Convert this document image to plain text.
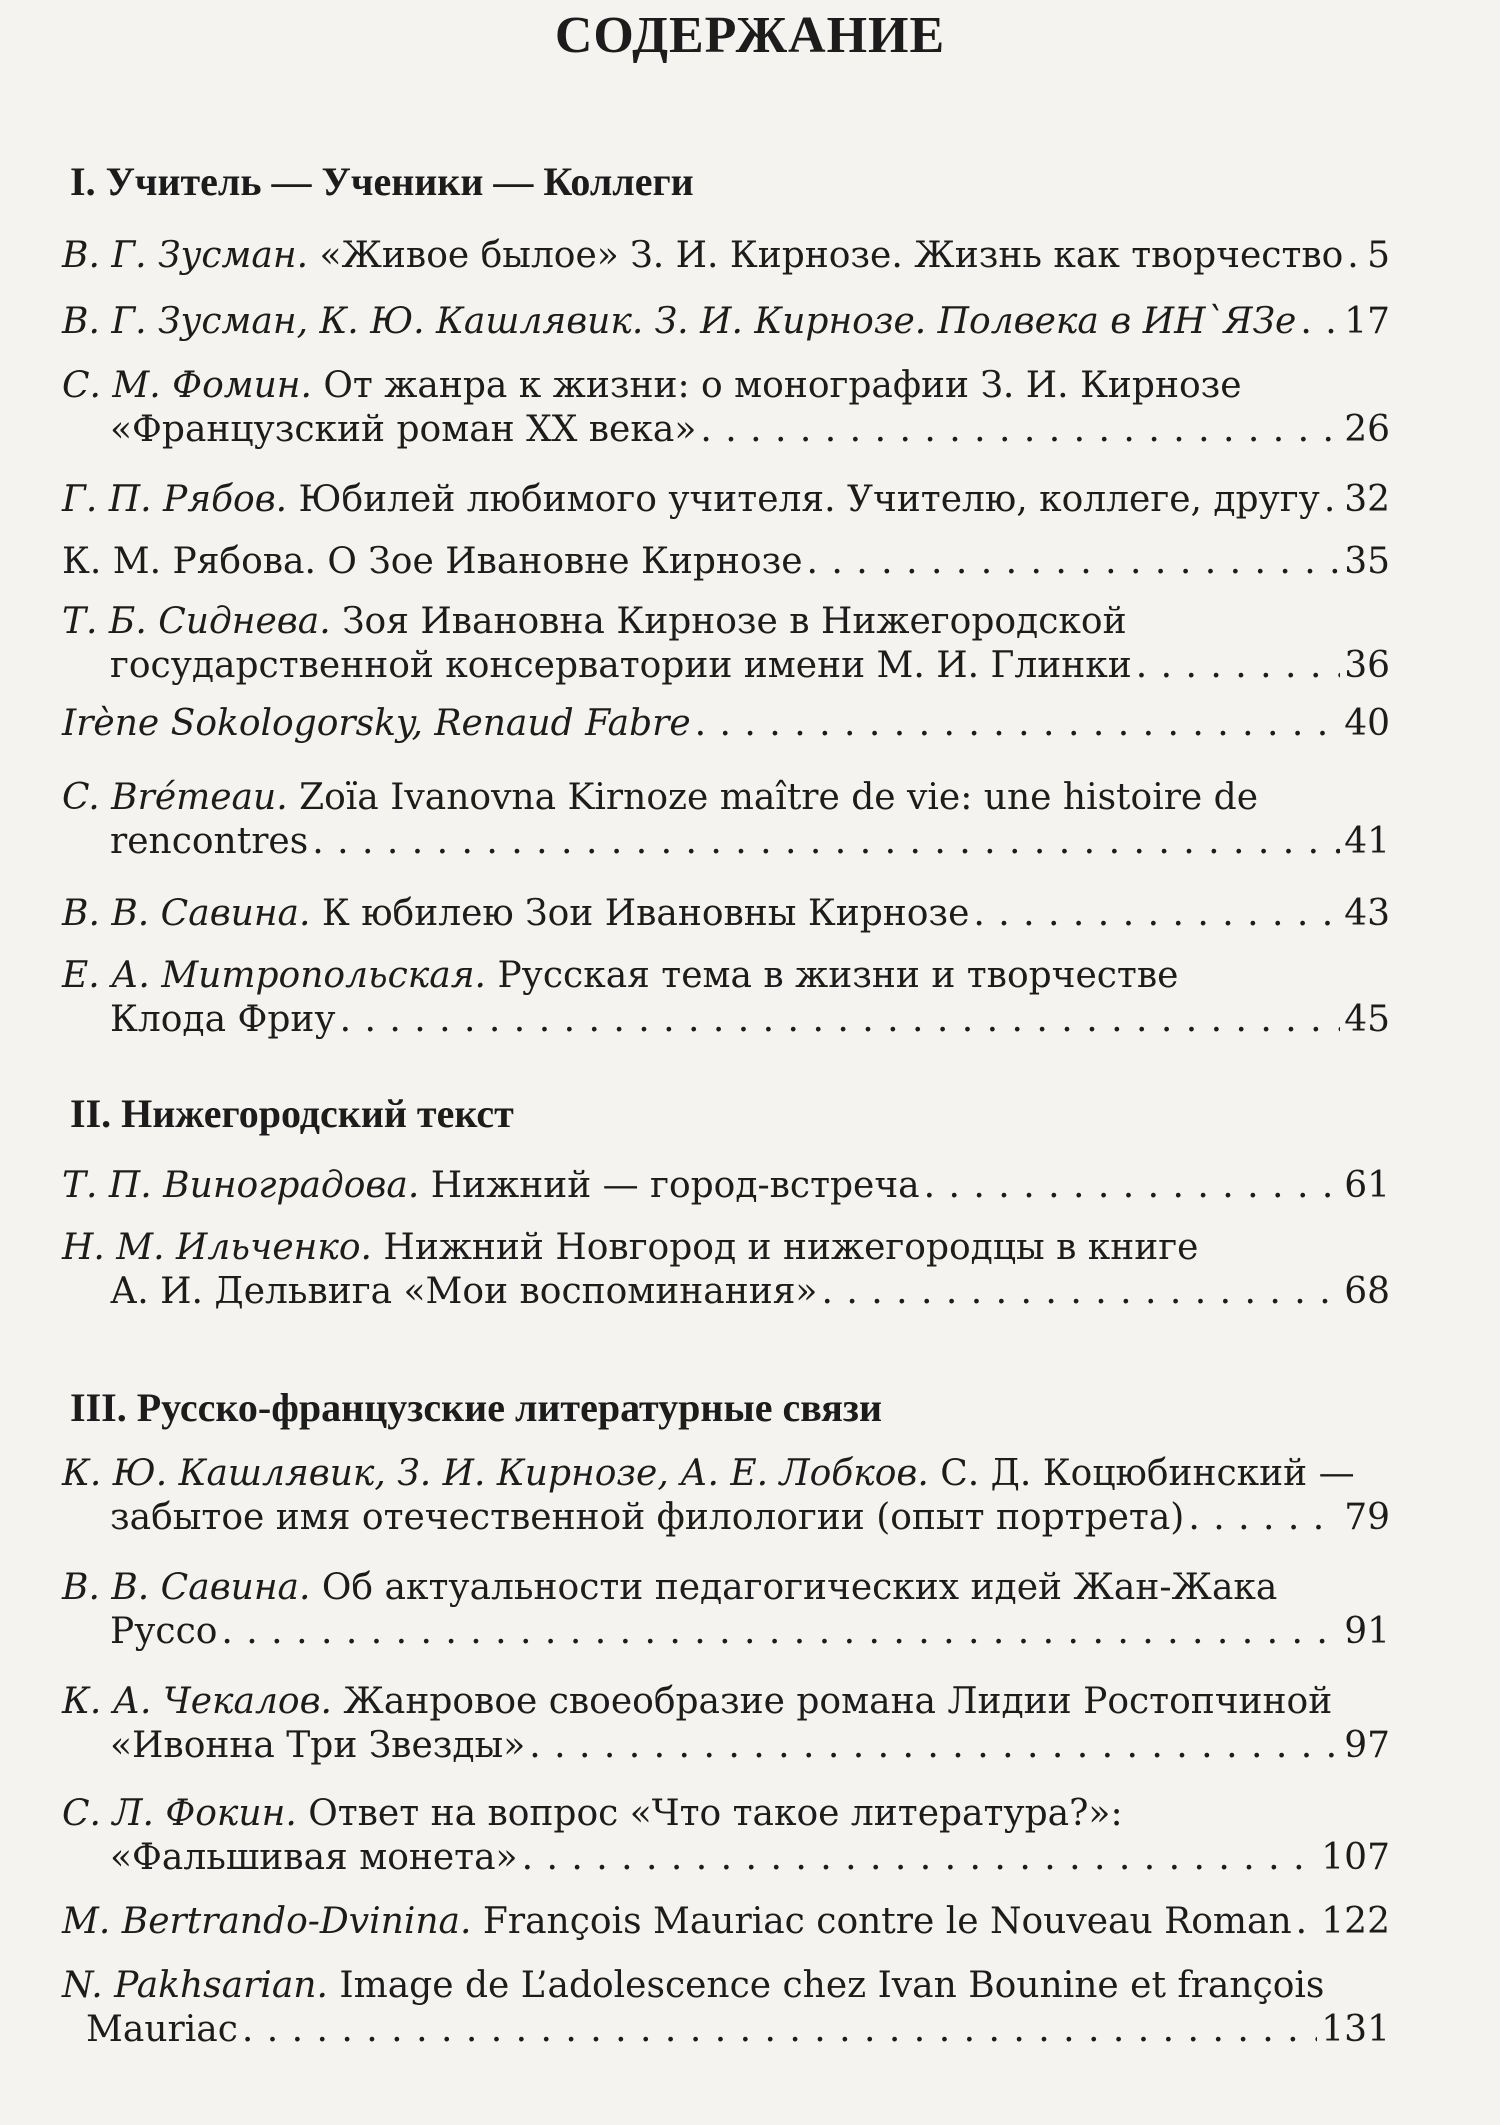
СОДЕРЖАНИЕ
I. Учитель — Ученики — Коллеги
В. Г. Зусман. «Живое былое» З. И. Кирнозе. Жизнь как творчество . . . 5
В. Г. Зусман, К. Ю. Кашлявик. З. И. Кирнозе. Полвека в ИН`ЯЗе . . . 17
С. М. Фомин. От жанра к жизни: о монографии З. И. Кирнозе
«Французский роман XX века» . . .	26
Г. П. Рябов. Юбилей любимого учителя. Учителю, коллеге, другу . . . 32
К. М. Рябова. О Зое Ивановне Кирнозе . . .	35
Т. Б. Сиднева. Зоя Ивановна Кирнозе в Нижегородской
государственной консерватории имени М. И. Глинки . . .	36
Irène Sokologorsky, Renaud Fabre . . .	40
C. Brémeau. Zoïa Ivanovna Kirnoze maître de vie: une histoire de
rencontres . . .	41
В. В. Савина. К юбилею Зои Ивановны Кирнозе . . .	43
Е. А. Митропольская. Русская тема в жизни и творчестве
Клода Фриу . . .	45
II. Нижегородский текст
Т. П. Виноградова. Нижний — город-встреча . . .	61
Н. М. Ильченко. Нижний Новгород и нижегородцы в книге
А. И. Дельвига «Мои воспоминания» . . .	68
III. Русско-французские литературные связи
К. Ю. Кашлявик, З. И. Кирнозе, А. Е. Лобков. С. Д. Коцюбинский —
забытое имя отечественной филологии (опыт портрета) . . .	79
В. В. Савина. Об актуальности педагогических идей Жан-Жака
Руссо . . .	91
К. А. Чекалов. Жанровое своеобразие романа Лидии Ростопчиной
«Ивонна Три Звезды» . . .	97
С. Л. Фокин. Ответ на вопрос «Что такое литература?»:
«Фальшивая монета» . . .	107
M. Bertrando-Dvinina. François Mauriac contre le Nouveau Roman . . . 122
N. Pakhsarian. Image de L’adolescence chez Ivan Bounine et françois
Mauriac . . .	131
